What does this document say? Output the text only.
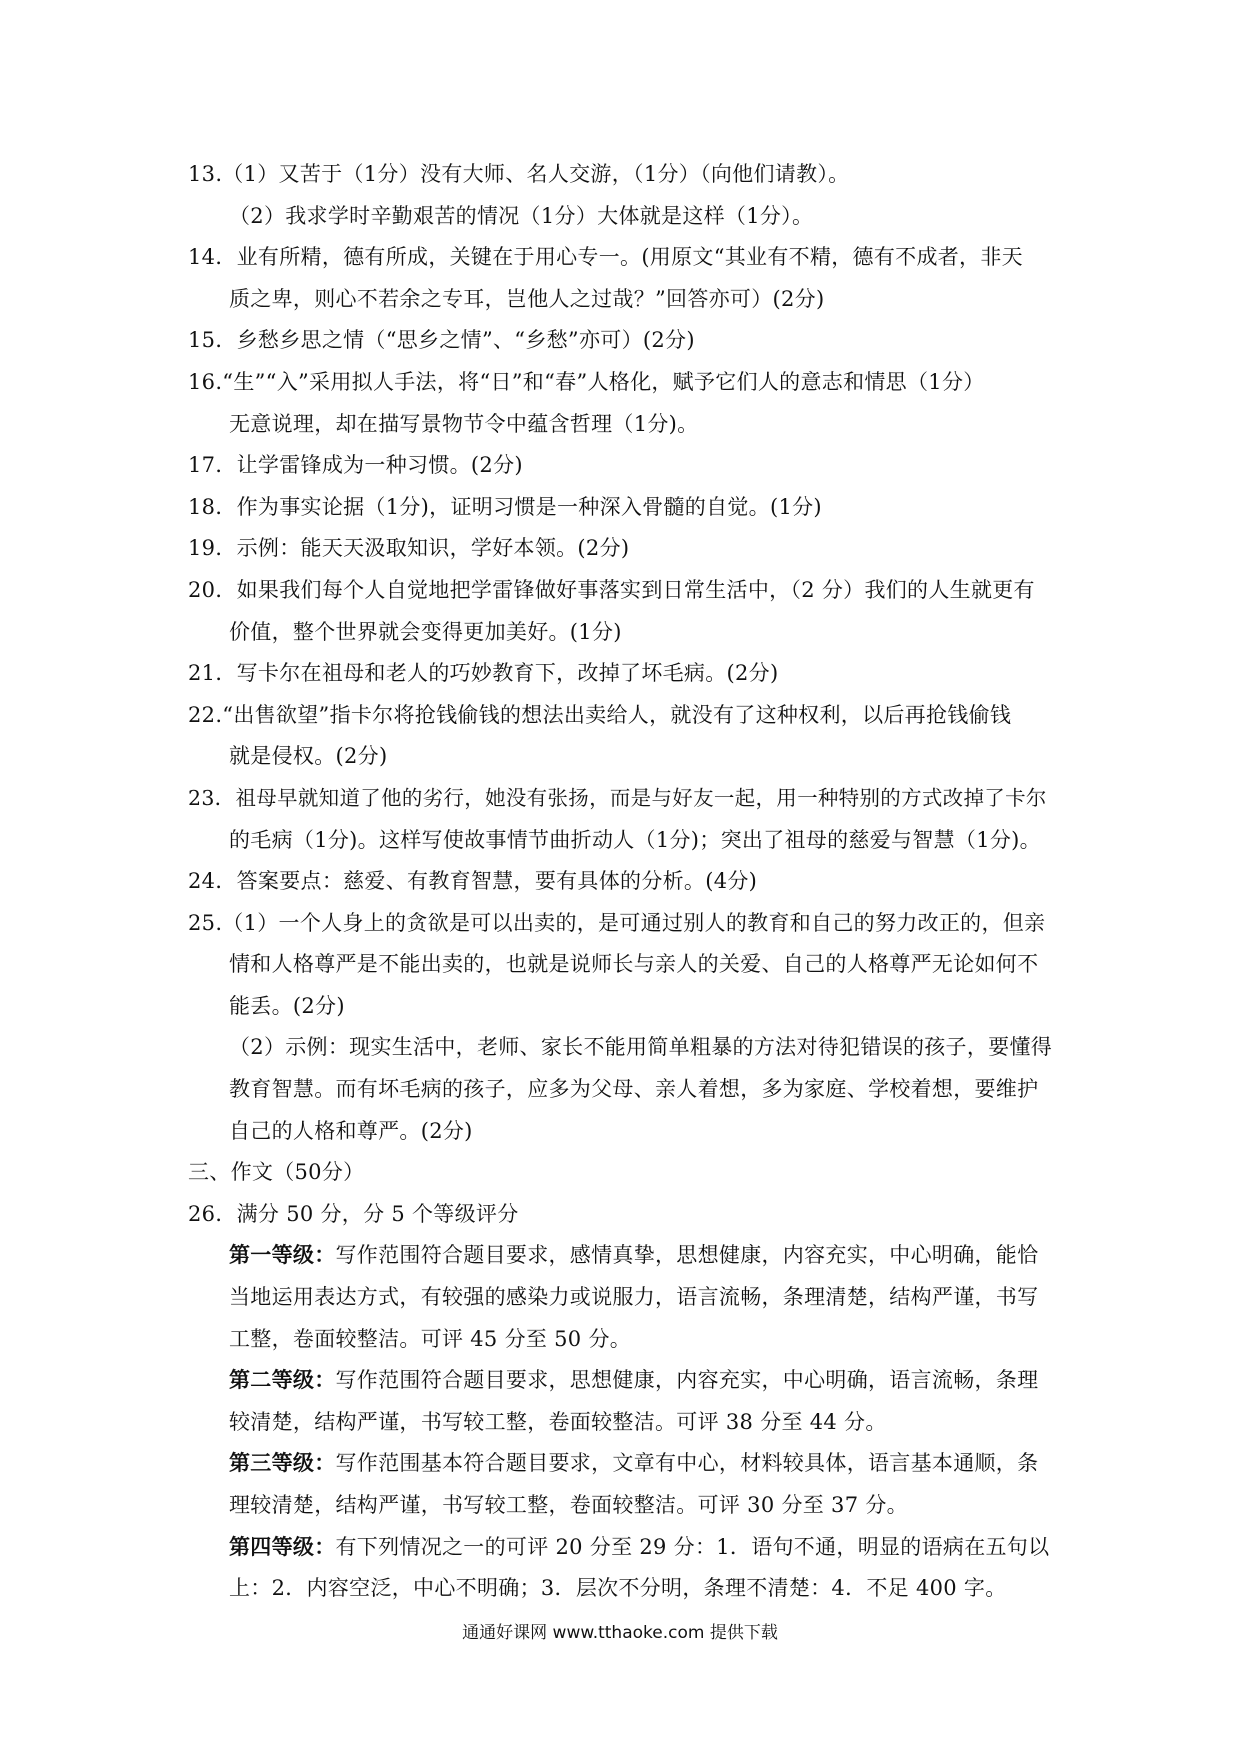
13.（1）又苦于（1分）没有大师、名人交游，（1分）（向他们请教）。
（2）我求学时辛勤艰苦的情况（1分）大体就是这样（1分）。
14．业有所精，德有所成，关键在于用心专一。(用原文“其业有不精，德有不成者，非天
质之卑，则心不若余之专耳，岂他人之过哉？”回答亦可）(2分)
15．乡愁乡思之情（“思乡之情”、“乡愁”亦可）(2分)
16.“生”“入”采用拟人手法，将“日”和“春”人格化，赋予它们人的意志和情思（1分）
无意说理，却在描写景物节令中蕴含哲理（1分)。
17．让学雷锋成为一种习惯。(2分)
18．作为事实论据（1分)，证明习惯是一种深入骨髓的自觉。(1分)
19．示例：能天天汲取知识，学好本领。(2分)
20．如果我们每个人自觉地把学雷锋做好事落实到日常生活中，（2 分）我们的人生就更有
价值，整个世界就会变得更加美好。(1分)
21．写卡尔在祖母和老人的巧妙教育下，改掉了坏毛病。(2分)
22.“出售欲望”指卡尔将抢钱偷钱的想法出卖给人，就没有了这种权利，以后再抢钱偷钱
就是侵权。(2分)
23．祖母早就知道了他的劣行，她没有张扬，而是与好友一起，用一种特别的方式改掉了卡尔
的毛病（1分)。这样写使故事情节曲折动人（1分)；突出了祖母的慈爱与智慧（1分)。
24．答案要点：慈爱、有教育智慧，要有具体的分析。(4分)
25.（1）一个人身上的贪欲是可以出卖的，是可通过别人的教育和自己的努力改正的，但亲
情和人格尊严是不能出卖的，也就是说师长与亲人的关爱、自己的人格尊严无论如何不
能丢。(2分)
（2）示例：现实生活中，老师、家长不能用简单粗暴的方法对待犯错误的孩子，要懂得
教育智慧。而有坏毛病的孩子，应多为父母、亲人着想，多为家庭、学校着想，要维护
自己的人格和尊严。(2分)
三、作文（50分）
26．满分 50 分，分 5 个等级评分
第一等级：写作范围符合题目要求，感情真挚，思想健康，内容充实，中心明确，能恰
当地运用表达方式，有较强的感染力或说服力，语言流畅，条理清楚，结构严谨，书写
工整，卷面较整洁。可评 45 分至 50 分。
第二等级：写作范围符合题目要求，思想健康，内容充实，中心明确，语言流畅，条理
较清楚，结构严谨，书写较工整，卷面较整洁。可评 38 分至 44 分。
第三等级：写作范围基本符合题目要求，文章有中心，材料较具体，语言基本通顺，条
理较清楚，结构严谨，书写较工整，卷面较整洁。可评 30 分至 37 分。
第四等级：有下列情况之一的可评 20 分至 29 分：1．语句不通，明显的语病在五句以
上：2．内容空泛，中心不明确；3．层次不分明，条理不清楚：4．不足 400 字。
通通好课网 www.tthaoke.com 提供下载
